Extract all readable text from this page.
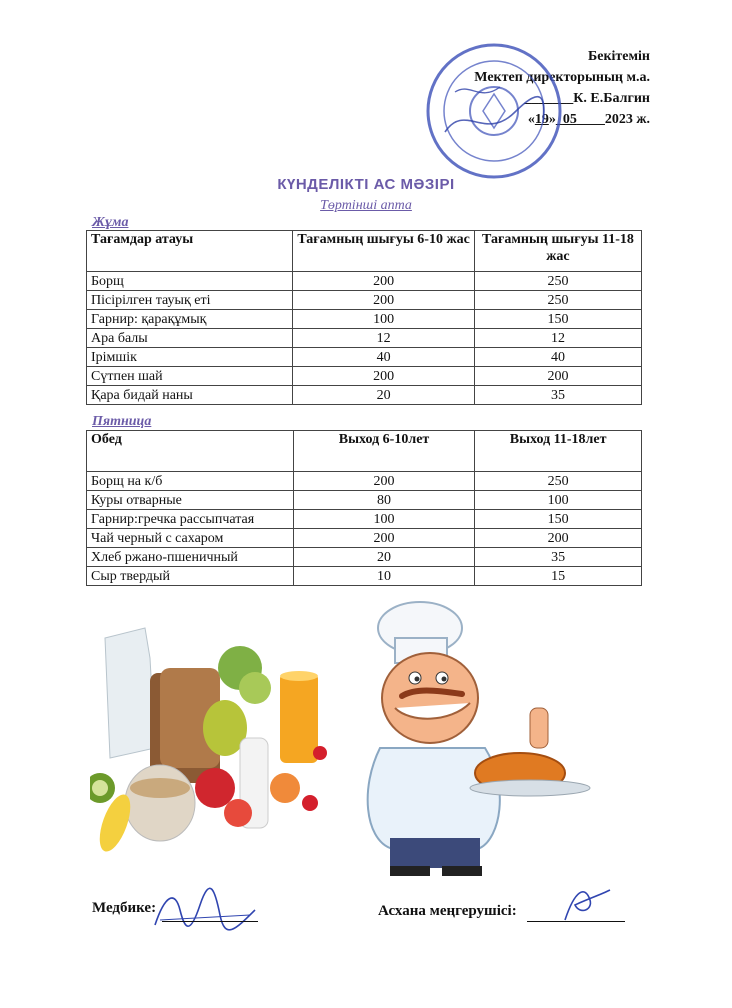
Бекітемін
Мектеп директорының м.а.
_______К. Е.Балгин
«19»_05____2023 ж.
КҮНДЕЛІКТІ АС МӘЗІРІ
Төртінші апта
Жұма
Тағамдар атауы	Тағамның шығуы 6-10 жас	Тағамның шығуы 11-18 жас
Борщ	200	250
Пісірілген тауық еті	200	250
Гарнир: қарақұмық	100	150
Ара балы	12	12
Ірімшік	40	40
Сүтпен шай	200	200
Қара бидай наны	20	35
Пятница
Обед	Выход 6-10лет	Выход 11-18лет
Борщ на к/б	200	250
Куры отварные	80	100
Гарнир:гречка рассыпчатая	100	150
Чай черный с сахаром	200	200
Хлеб ржано-пшеничный	20	35
Сыр твердый	10	15
Медбике:	Асхана меңгерушісі:
